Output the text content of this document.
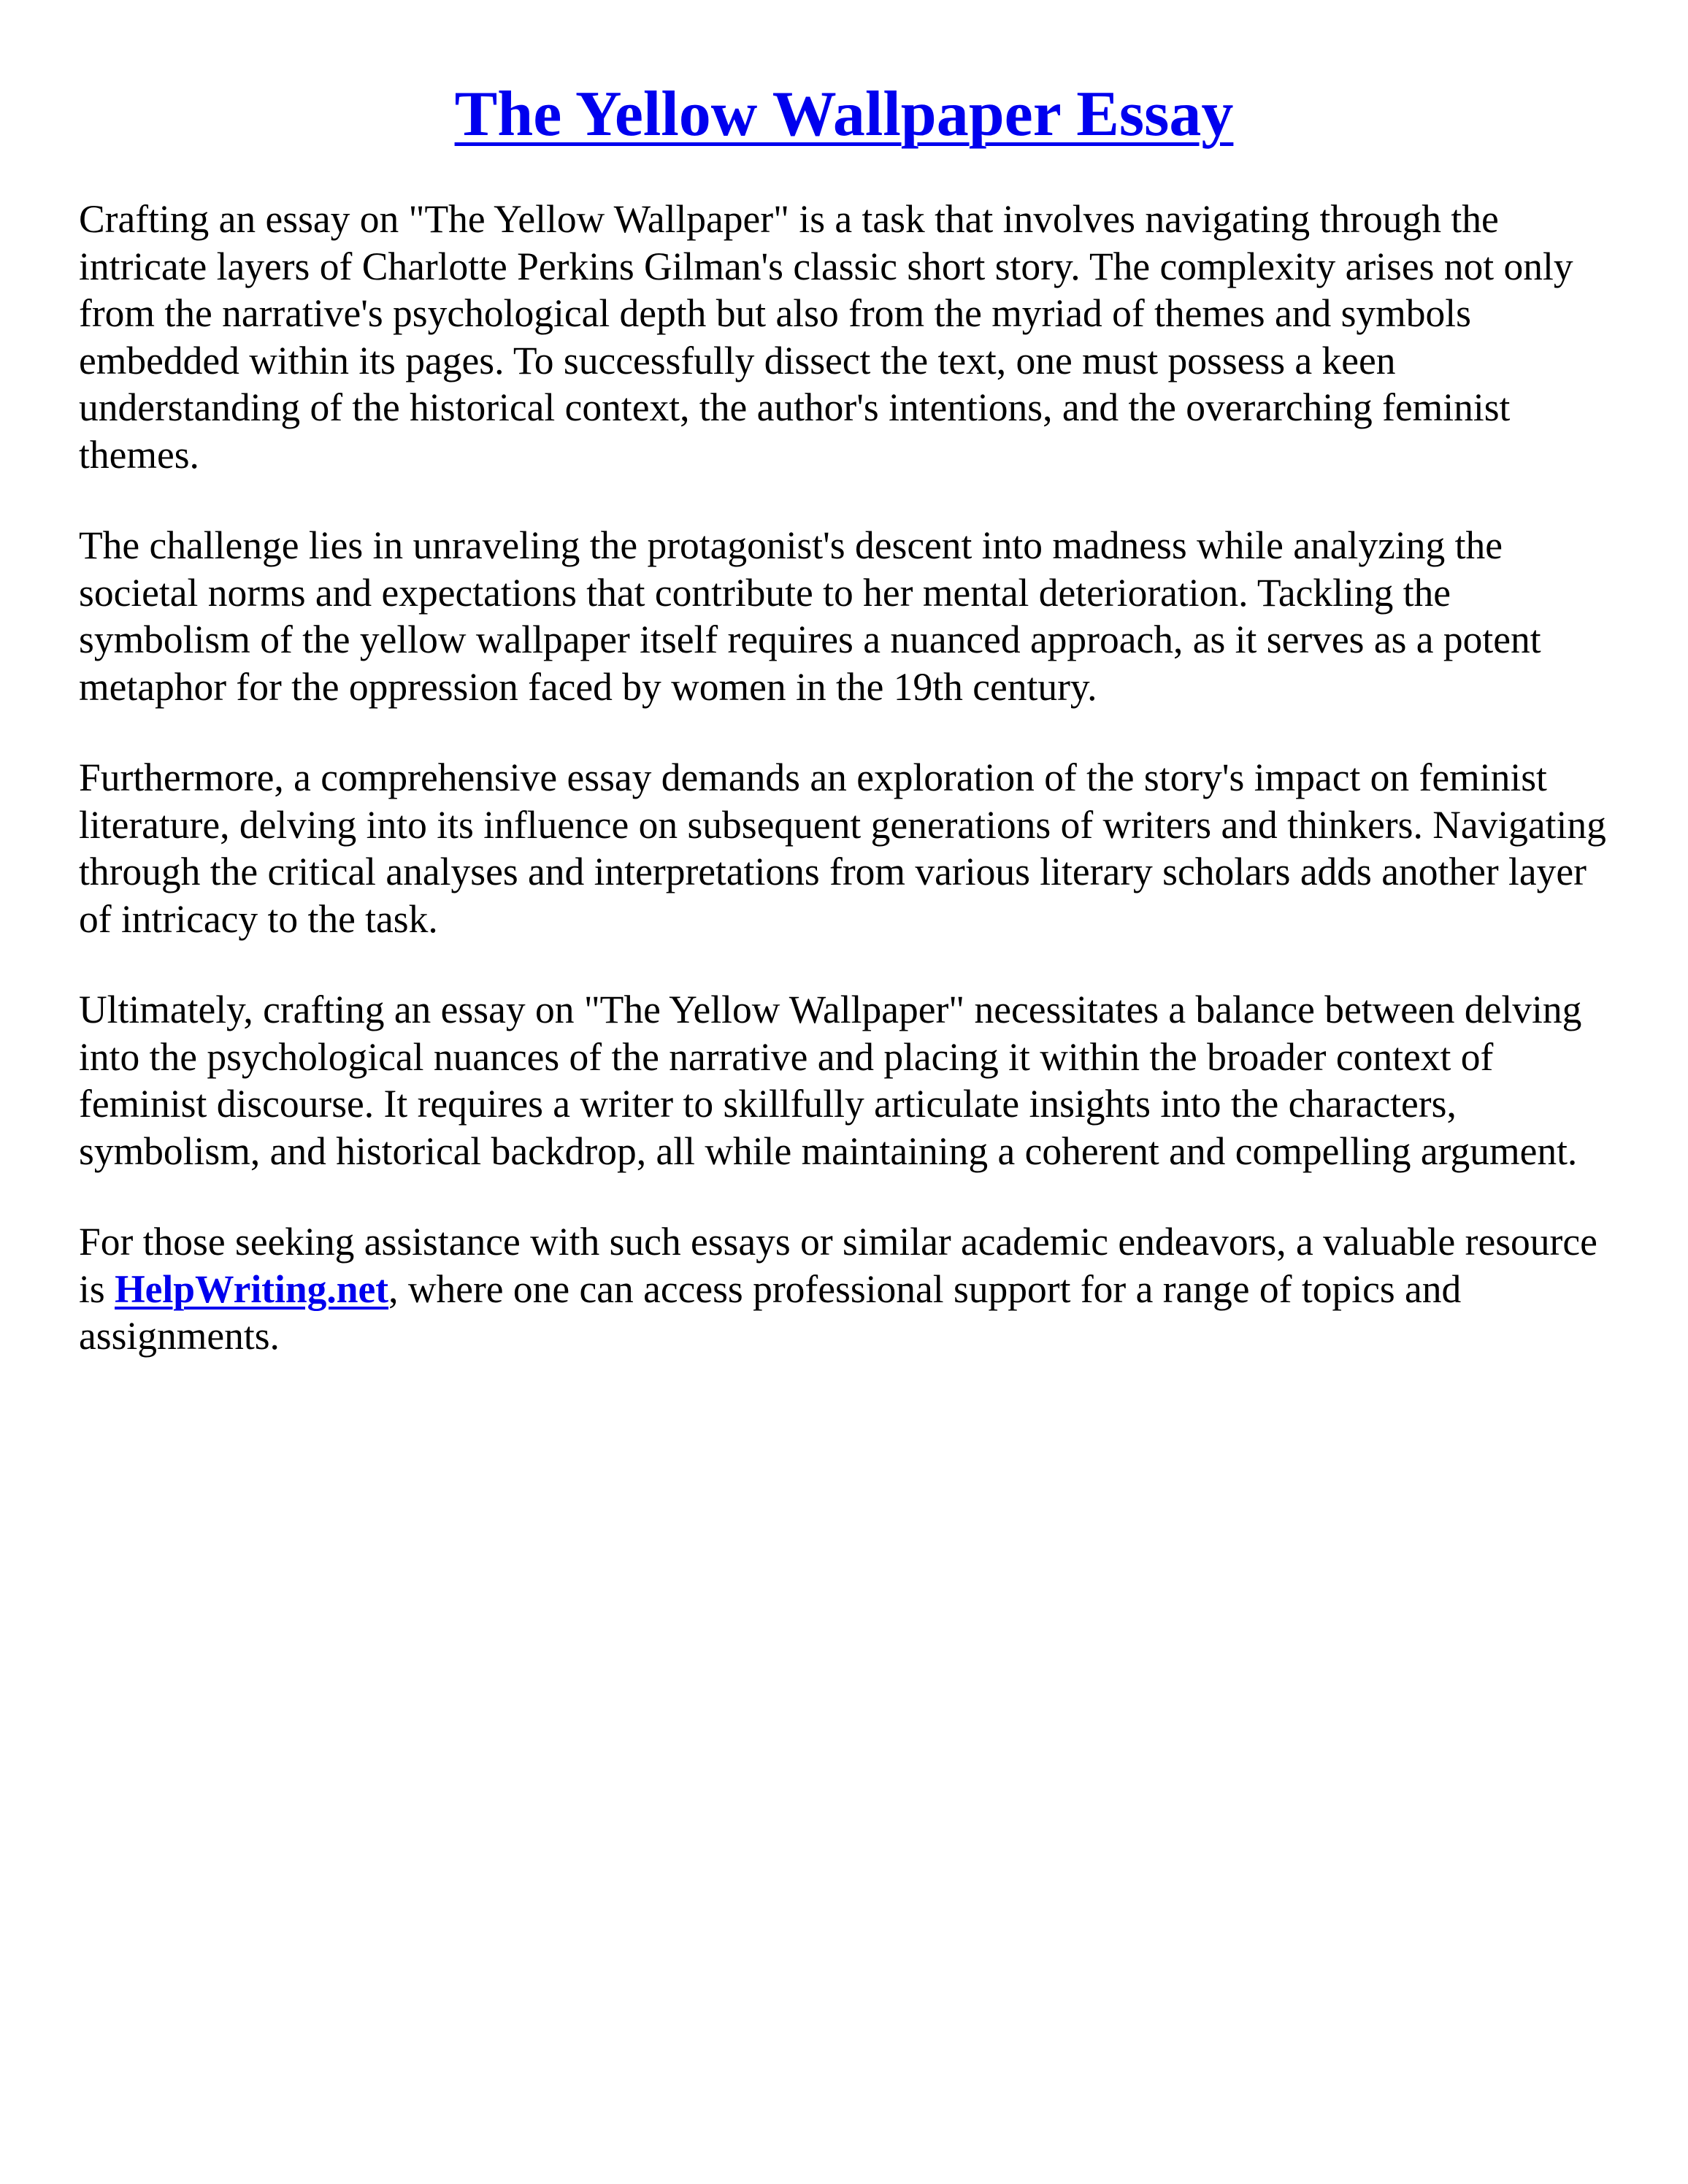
The Yellow Wallpaper Essay

Crafting an essay on "The Yellow Wallpaper" is a task that involves navigating through the intricate layers of Charlotte Perkins Gilman's classic short story. The complexity arises not only from the narrative's psychological depth but also from the myriad of themes and symbols embedded within its pages. To successfully dissect the text, one must possess a keen understanding of the historical context, the author's intentions, and the overarching feminist themes.

The challenge lies in unraveling the protagonist's descent into madness while analyzing the societal norms and expectations that contribute to her mental deterioration. Tackling the symbolism of the yellow wallpaper itself requires a nuanced approach, as it serves as a potent metaphor for the oppression faced by women in the 19th century.

Furthermore, a comprehensive essay demands an exploration of the story's impact on feminist literature, delving into its influence on subsequent generations of writers and thinkers. Navigating through the critical analyses and interpretations from various literary scholars adds another layer of intricacy to the task.

Ultimately, crafting an essay on "The Yellow Wallpaper" necessitates a balance between delving into the psychological nuances of the narrative and placing it within the broader context of feminist discourse. It requires a writer to skillfully articulate insights into the characters, symbolism, and historical backdrop, all while maintaining a coherent and compelling argument.

For those seeking assistance with such essays or similar academic endeavors, a valuable resource is HelpWriting.net, where one can access professional support for a range of topics and assignments.
